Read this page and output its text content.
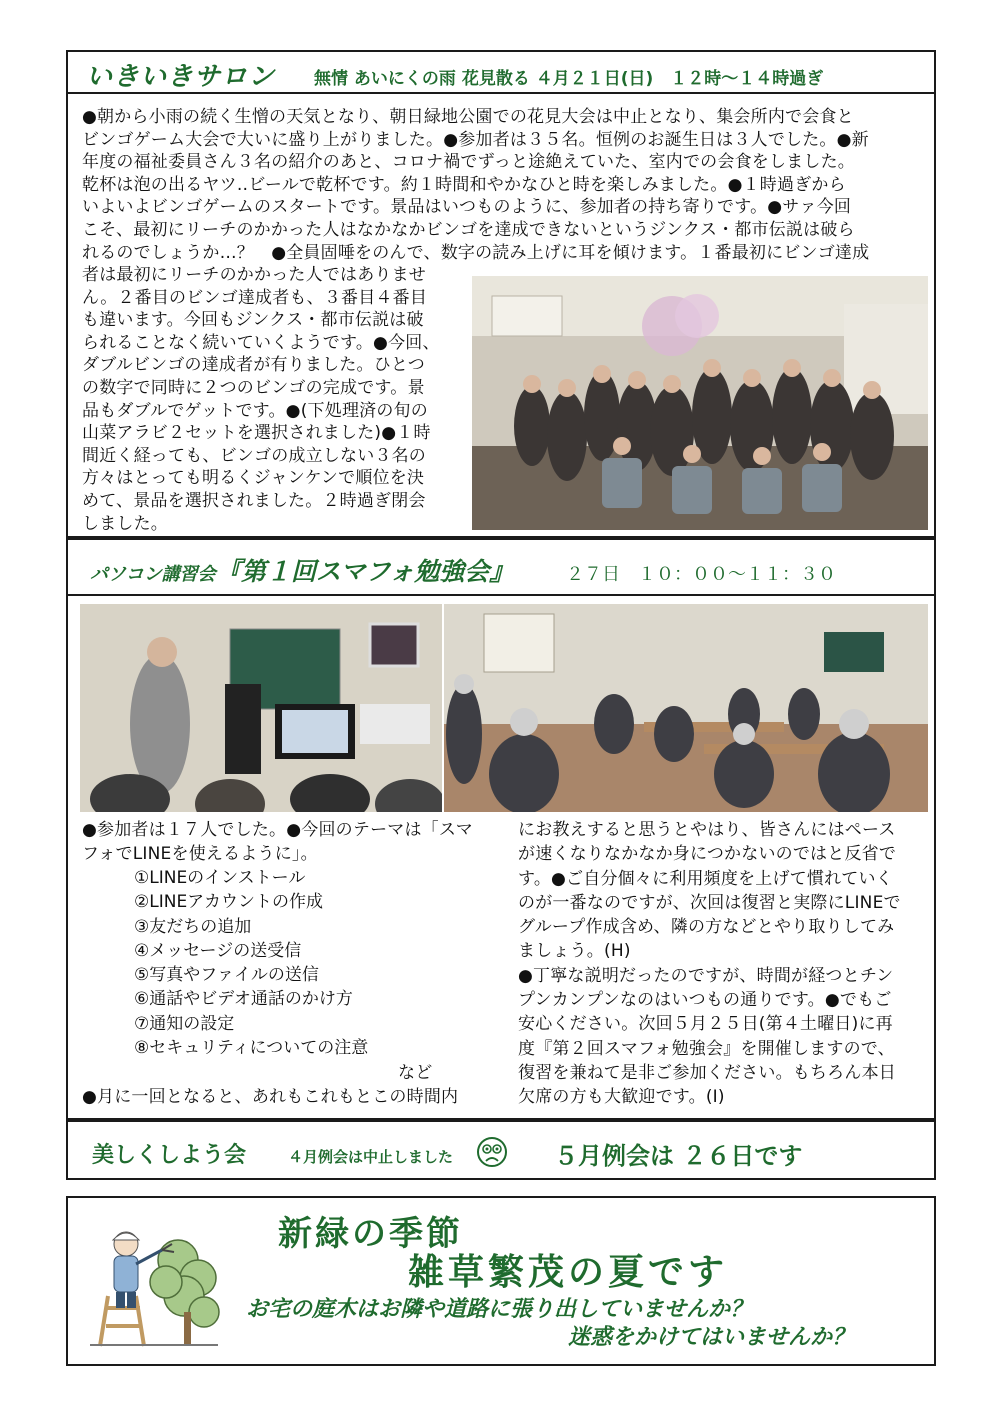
いきいきサロン 無情 あいにくの雨 花見散る ４月２１日(日)　１２時～１４時過ぎ
●朝から小雨の続く生憎の天気となり、朝日緑地公園での花見大会は中止となり、集会所内で会食と
ビンゴゲーム大会で大いに盛り上がりました。●参加者は３５名。恒例のお誕生日は３人でした。●新
年度の福祉委員さん３名の紹介のあと、コロナ禍でずっと途絶えていた、室内での会食をしました。
乾杯は泡の出るヤツ‥ビールで乾杯です。約１時間和やかなひと時を楽しみました。●１時過ぎから
いよいよビンゴゲームのスタートです。景品はいつものように、参加者の持ち寄りです。●サァ今回
こそ、最初にリーチのかかった人はなかなかビンゴを達成できないというジンクス・都市伝説は破ら
れるのでしょうか…？　●全員固唾をのんで、数字の読み上げに耳を傾けます。１番最初にビンゴ達成
者は最初にリーチのかかった人ではありませ
ん。２番目のビンゴ達成者も、３番目４番目
も違います。今回もジンクス・都市伝説は破
られることなく続いていくようです。●今回、
ダブルビンゴの達成者が有りました。ひとつ
の数字で同時に２つのビンゴの完成です。景
品もダブルでゲットです。●(下処理済の旬の
山菜アラビ２セットを選択されました)●１時
間近く経っても、ビンゴの成立しない３名の
方々はとっても明るくジャンケンで順位を決
めて、景品を選択されました。２時過ぎ閉会
しました。
パソコン講習会 『第１回スマフォ勉強会』	２７日　１０：００～１１：３０
●参加者は１７人でした。●今回のテーマは「スマ
フォでLINEを使えるように」。
①LINEのインストール
②LINEアカウントの作成
③友だちの追加
④メッセージの送受信
⑤写真やファイルの送信
⑥通話やビデオ通話のかけ方
⑦通知の設定
⑧セキュリティについての注意
など
●月に一回となると、あれもこれもとこの時間内
にお教えすると思うとやはり、皆さんにはペース
が速くなりなかなか身につかないのではと反省で
す。●ご自分個々に利用頻度を上げて慣れていく
のが一番なのですが、次回は復習と実際にLINEで
グループ作成含め、隣の方などとやり取りしてみ
ましょう。(H)
●丁寧な説明だったのですが、時間が経つとチン
プンカンプンなのはいつもの通りです。●でもご
安心ください。次回５月２５日(第４土曜日)に再
度『第２回スマフォ勉強会』を開催しますので、
復習を兼ねて是非ご参加ください。もちろん本日
欠席の方も大歓迎です。(I)
美しくしよう会	４月例会は中止しました	５月例会は ２６日です
新緑の季節
雑草繁茂の夏です
お宅の庭木はお隣や道路に張り出していませんか？
迷惑をかけてはいませんか？
